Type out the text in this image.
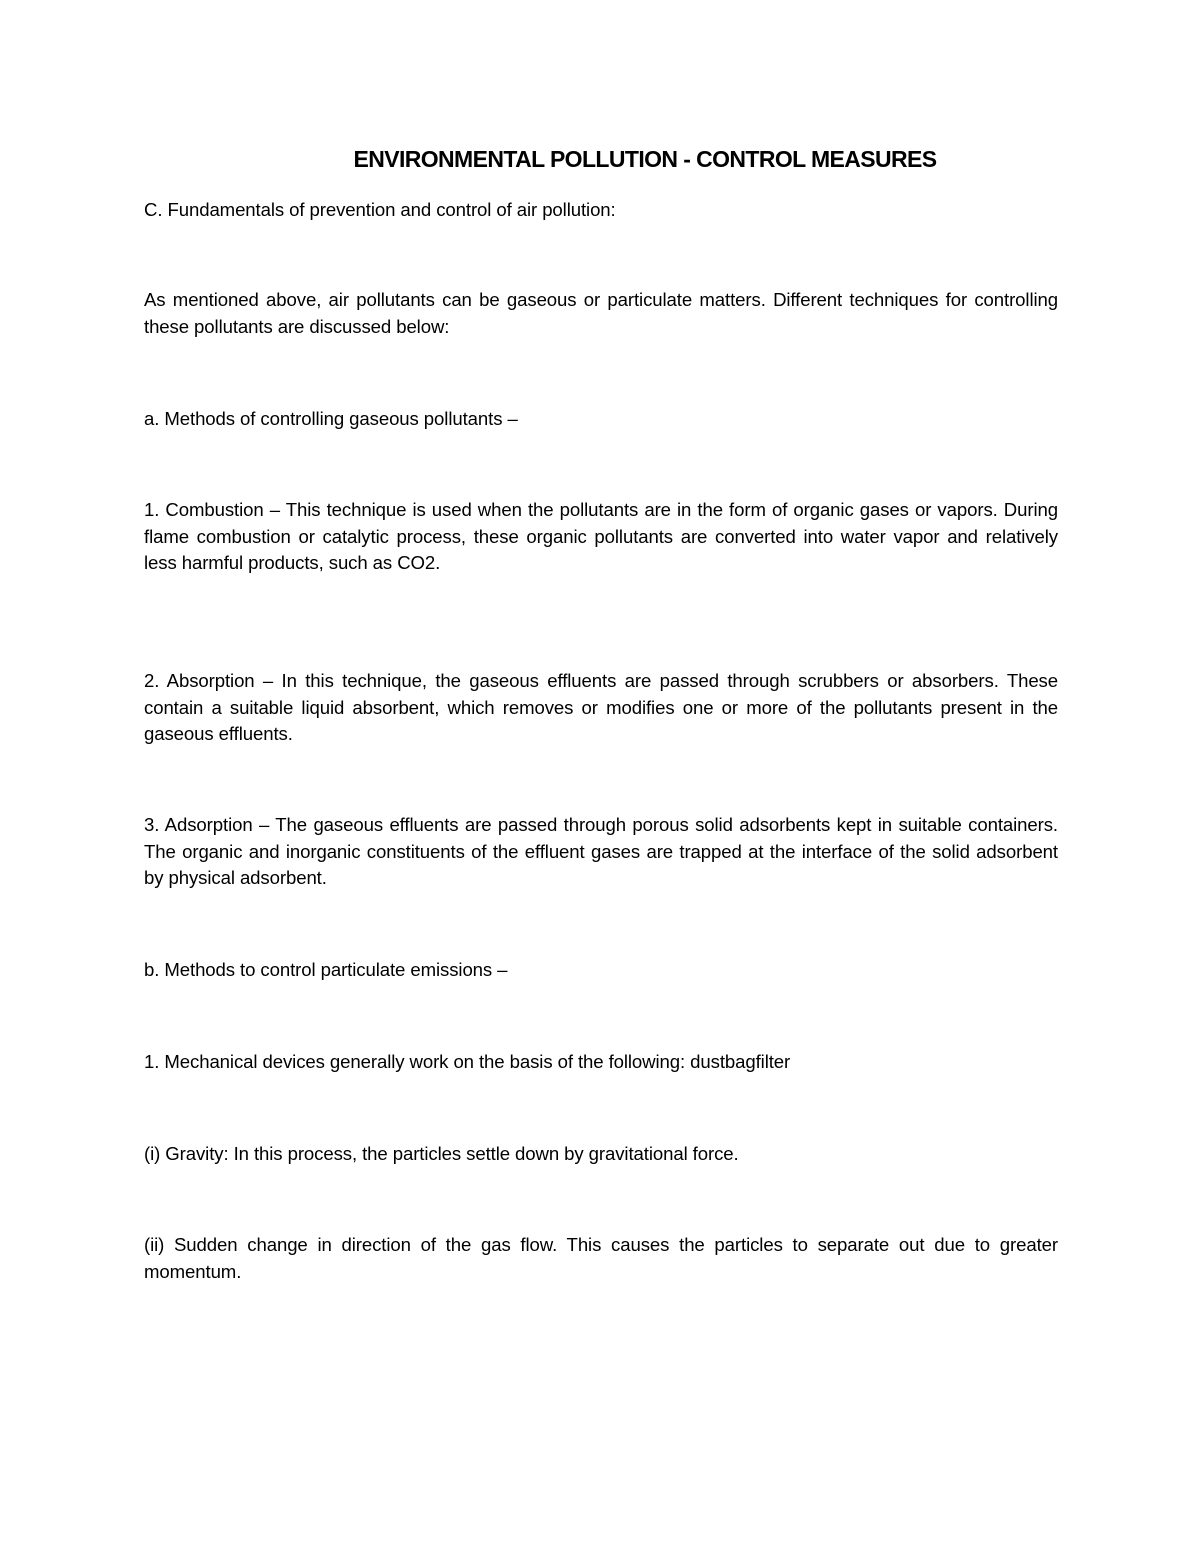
ENVIRONMENTAL POLLUTION - CONTROL MEASURES
C. Fundamentals of prevention and control of air pollution:
As mentioned above, air pollutants can be gaseous or particulate matters. Different techniques for controlling these pollutants are discussed below:
a. Methods of controlling gaseous pollutants –
1. Combustion – This technique is used when the pollutants are in the form of organic gases or vapors. During flame combustion or catalytic process, these organic pollutants are converted into water vapor and relatively less harmful products, such as CO2.
2. Absorption – In this technique, the gaseous effluents are passed through scrubbers or absorbers. These contain a suitable liquid absorbent, which removes or modifies one or more of the pollutants present in the gaseous effluents.
3. Adsorption – The gaseous effluents are passed through porous solid adsorbents kept in suitable containers. The organic and inorganic constituents of the effluent gases are trapped at the interface of the solid adsorbent by physical adsorbent.
b. Methods to control particulate emissions –
1. Mechanical devices generally work on the basis of the following: dustbagfilter
(i) Gravity: In this process, the particles settle down by gravitational force.
(ii) Sudden change in direction of the gas flow. This causes the particles to separate out due to greater momentum.
